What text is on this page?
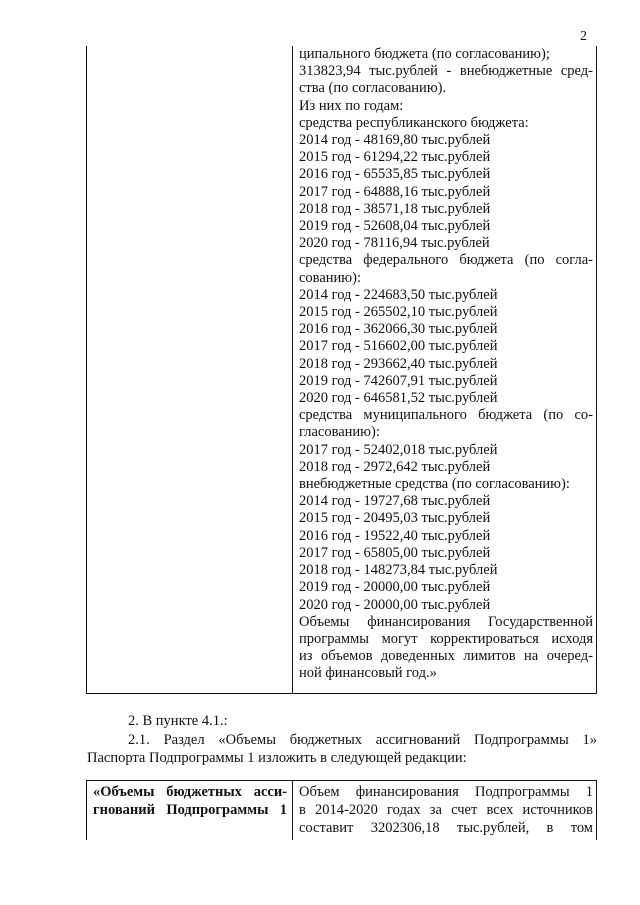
2
ципального бюджета (по согласованию);
313823,94 тыс.рублей - внебюджетные сред-
ства (по согласованию).
Из них по годам:
средства республиканского бюджета:
2014 год - 48169,80 тыс.рублей
2015 год - 61294,22 тыс.рублей
2016 год - 65535,85 тыс.рублей
2017 год - 64888,16 тыс.рублей
2018 год - 38571,18 тыс.рублей
2019 год - 52608,04 тыс.рублей
2020 год - 78116,94 тыс.рублей
средства федерального бюджета (по согла-
сованию):
2014 год - 224683,50 тыс.рублей
2015 год - 265502,10 тыс.рублей
2016 год - 362066,30 тыс.рублей
2017 год - 516602,00 тыс.рублей
2018 год - 293662,40 тыс.рублей
2019 год - 742607,91 тыс.рублей
2020 год - 646581,52 тыс.рублей
средства муниципального бюджета (по со-
гласованию):
2017 год - 52402,018 тыс.рублей
2018 год - 2972,642 тыс.рублей
внебюджетные средства (по согласованию):
2014 год - 19727,68 тыс.рублей
2015 год - 20495,03 тыс.рублей
2016 год - 19522,40 тыс.рублей
2017 год - 65805,00 тыс.рублей
2018 год - 148273,84 тыс.рублей
2019 год - 20000,00 тыс.рублей
2020 год - 20000,00 тыс.рублей
Объемы финансирования Государственной
программы могут корректироваться исходя
из объемов доведенных лимитов на очеред-
ной финансовый год.»
2. В пункте 4.1.:
2.1. Раздел «Объемы бюджетных ассигнований Подпрограммы 1»
Паспорта Подпрограммы 1 изложить в следующей редакции:
«Объемы бюджетных асси-
гнований Подпрограммы 1
Объем финансирования Подпрограммы 1
в 2014-2020 годах за счет всех источников
составит 3202306,18 тыс.рублей, в том
